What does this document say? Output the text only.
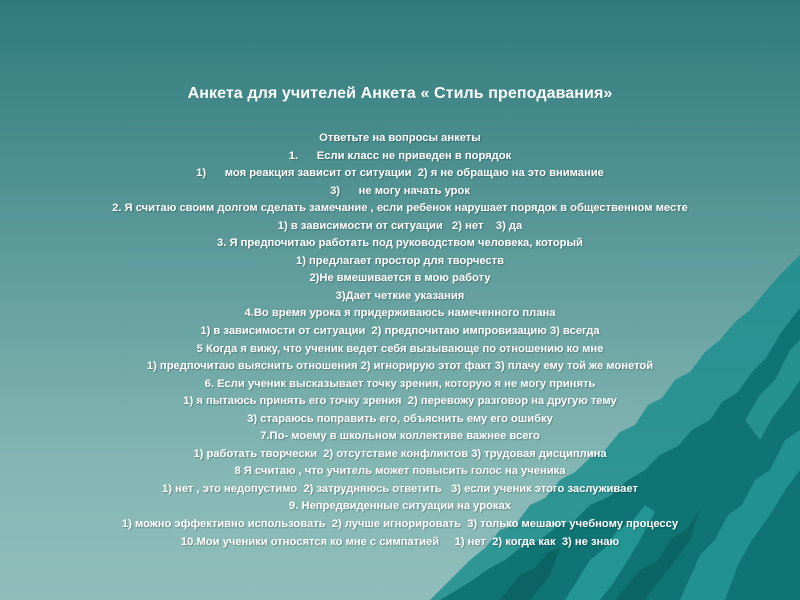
Анкета для учителей Анкета « Стиль преподавания»
Ответьте на вопросы анкеты
1.      Если класс не приведен в порядок
1)      моя реакция зависит от ситуации  2) я не обращаю на это внимание
3)      не могу начать урок
2. Я считаю своим долгом сделать замечание , если ребенок нарушает порядок в общественном месте
1) в зависимости от ситуации   2) нет    3) да
3. Я предпочитаю работать под руководством человека, который
1) предлагает простор для творчеств
2)Не вмешивается в мою работу
3)Дает четкие указания
4.Во время урока я придерживаюсь намеченного плана
1) в зависимости от ситуации  2) предпочитаю импровизацию 3) всегда
5 Когда я вижу, что ученик ведет себя вызывающе по отношению ко мне
1) предпочитаю выяснить отношения 2) игнорирую этот факт 3) плачу ему той же монетой
6. Если ученик высказывает точку зрения, которую я не могу принять
1) я пытаюсь принять его точку зрения  2) перевожу разговор на другую тему
3) стараюсь поправить его, объяснить ему его ошибку
7.По- моему в школьном коллективе важнее всего
1) работать творчески  2) отсутствие конфликтов 3) трудовая дисциплина
8 Я считаю , что учитель может повысить голос на ученика
1) нет , это недопустимо  2) затрудняюсь ответить   3) если ученик этого заслуживает
9. Непредвиденные ситуации на уроках
1) можно эффективно использовать  2) лучше игнорировать  3) только мешают учебному процессу
10.Мои ученики относятся ко мне с симпатией     1) нет  2) когда как  3) не знаю
